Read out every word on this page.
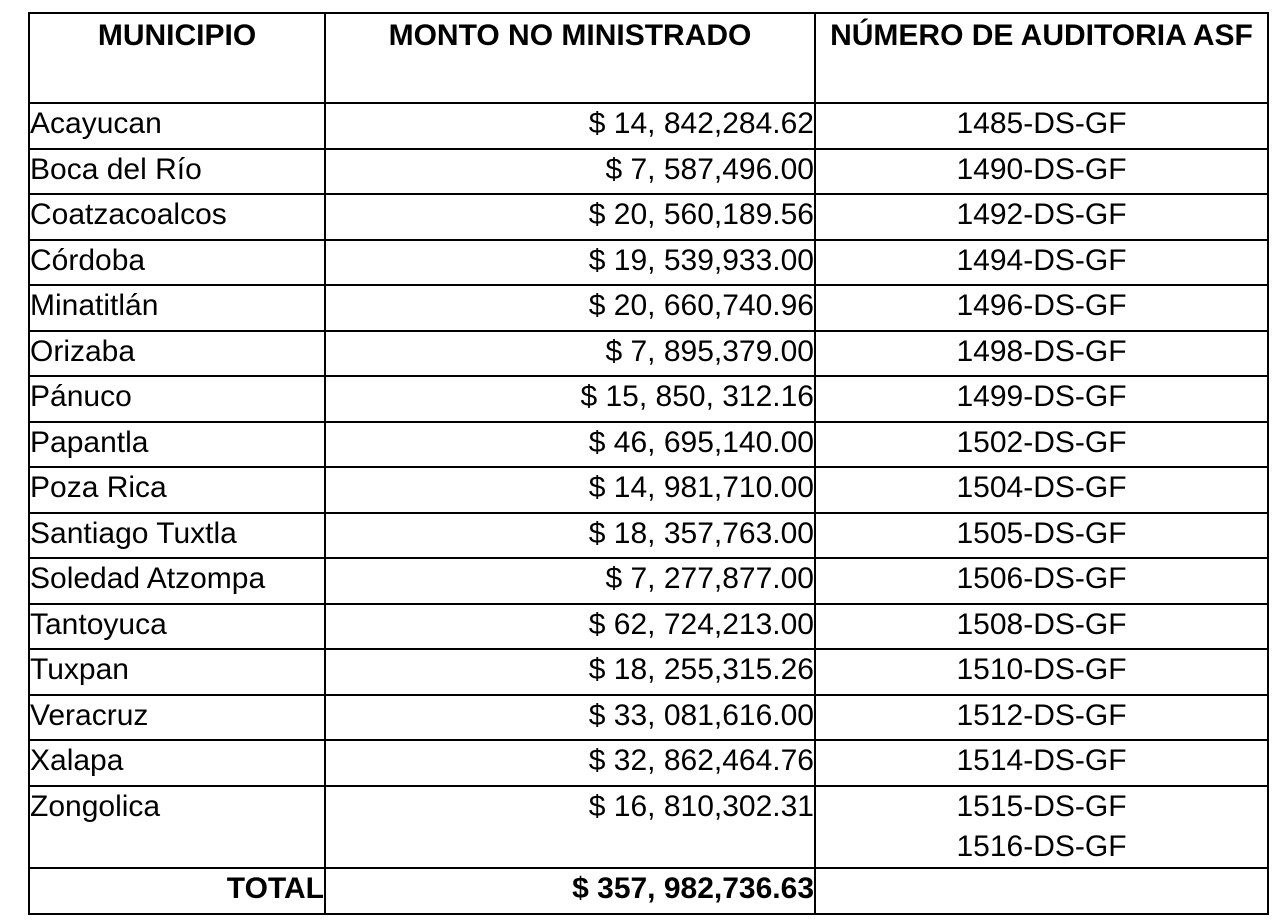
MUNICIPIO	MONTO NO MINISTRADO	NÚMERO DE AUDITORIA ASF
Acayucan	$ 14, 842,284.62	1485-DS-GF

Boca del Río	$ 7, 587,496.00	1490-DS-GF

Coatzacoalcos	$ 20, 560,189.56	1492-DS-GF

Córdoba	$ 19, 539,933.00	1494-DS-GF

Minatitlán	$ 20, 660,740.96	1496-DS-GF

Orizaba	$ 7, 895,379.00	1498-DS-GF

Pánuco	$ 15, 850, 312.16	1499-DS-GF

Papantla	$ 46, 695,140.00	1502-DS-GF

Poza Rica	$ 14, 981,710.00	1504-DS-GF

Santiago Tuxtla	$ 18, 357,763.00	1505-DS-GF

Soledad Atzompa	$ 7, 277,877.00	1506-DS-GF

Tantoyuca	$ 62, 724,213.00	1508-DS-GF

Tuxpan	$ 18, 255,315.26	1510-DS-GF

Veracruz	$ 33, 081,616.00	1512-DS-GF

Xalapa	$ 32, 862,464.76	1514-DS-GF

Zongolica	$ 16, 810,302.31	1515-DS-GF
1516-DS-GF

TOTAL	$ 357, 982,736.63	
